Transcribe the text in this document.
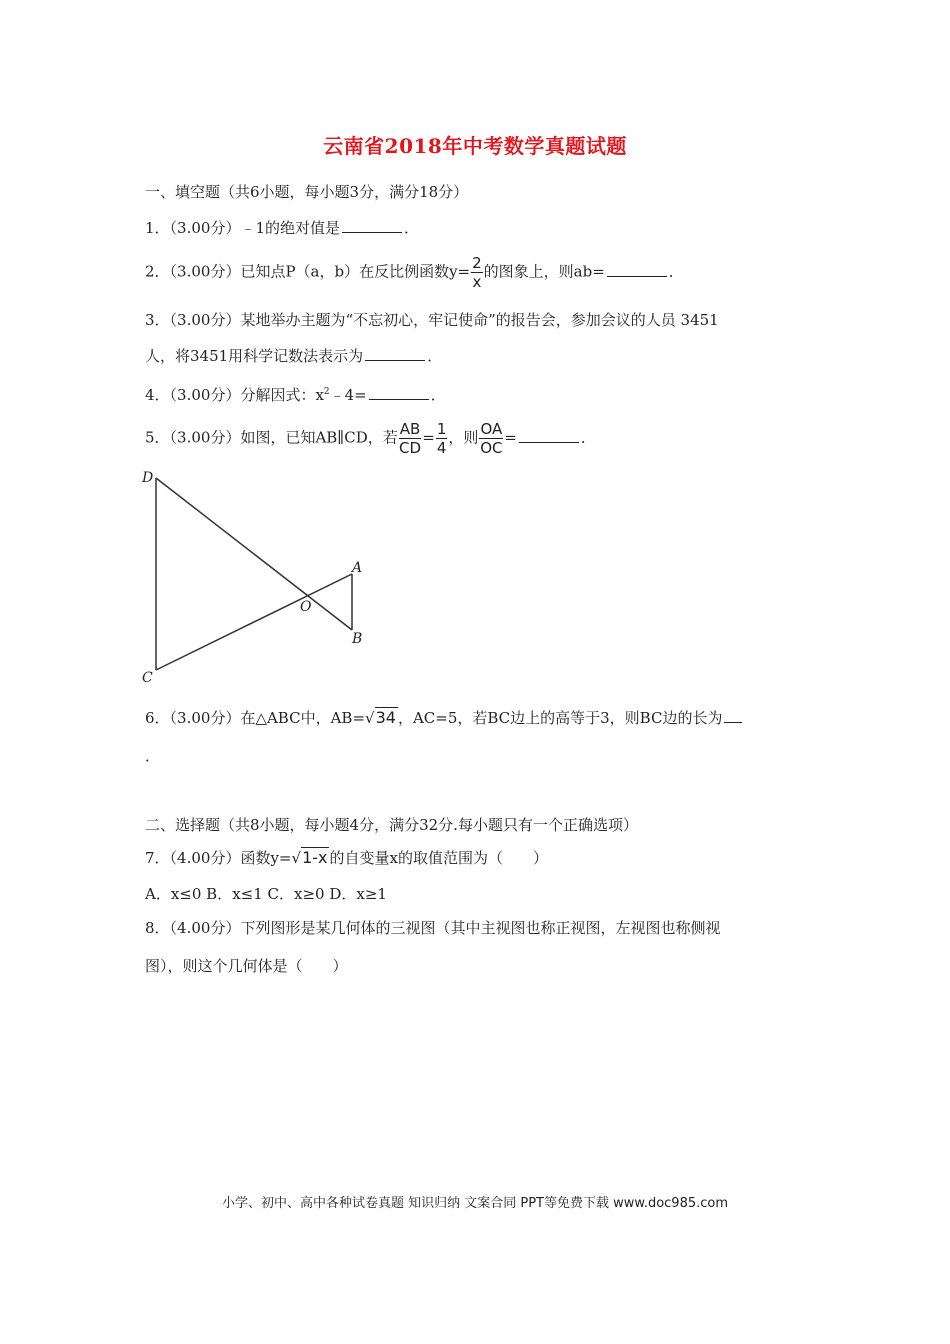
云南省2018年中考数学真题试题
一、填空题（共6小题，每小题3分，满分18分）
1．（3.00分）﹣1的绝对值是	．
2．（3.00分）已知点P（a，b）在反比例函数$y= \frac{2}{x}$ 的图象上，则ab=	．
3．（3.00分）某地举办主题为“不忘初心，牢记使命”的报告会，参加会议的人员 3451
人，将3451用科学记数法表示为	．
4．（3.00分）分解因式：$x^2﹣4=$	．
5．（3.00分）如图，已知AB∥CD，若 $\frac{AB}{CD} = \frac{1}{4}$ ，则 $\frac{OA}{OC}$ =	．
D
A
O
B
C
6．（3.00分）在△ABC中，AB=√34 ，AC=5，若BC边上的高等于3，则BC边的长为
．
二、选择题（共8小题，每小题4分，满分32分.每小题只有一个正确选项）
7．（4.00分）函数y=√1-x 的自变量x的取值范围为（　　）
A．x≤0 B．x≤1 C．x≥0 D．x≥1
8．（4.00分）下列图形是某几何体的三视图（其中主视图也称正视图，左视图也称侧视
图），则这个几何体是（　　）
小学、初中、高中各种试卷真题 知识归纳 文案合同 PPT等免费下载 www.doc985.com
